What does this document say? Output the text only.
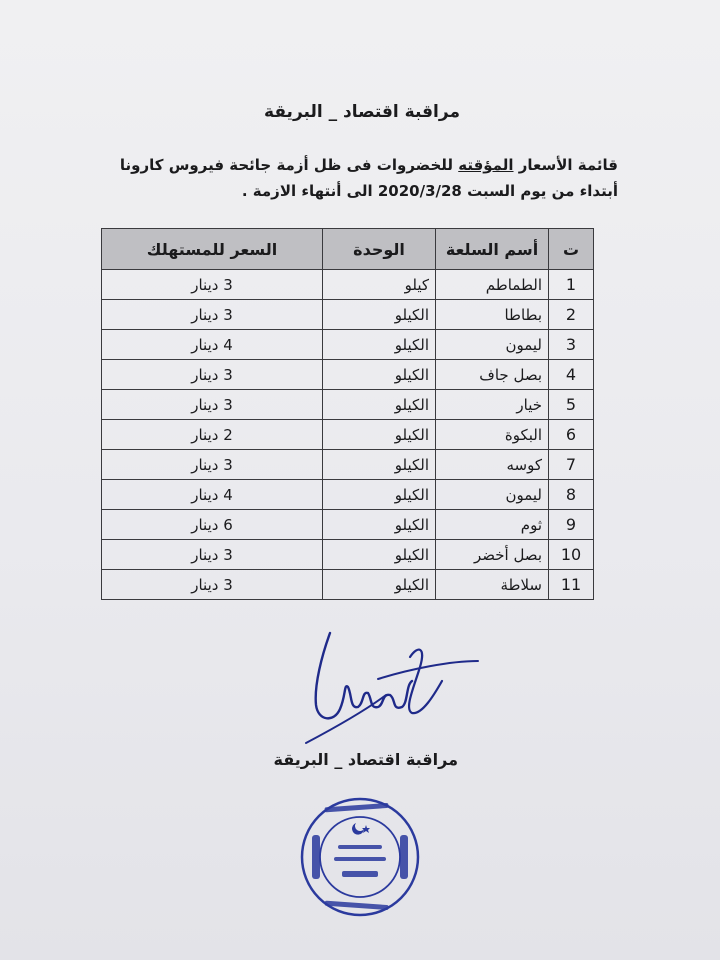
مراقبة اقتصاد _ البريقة
قائمة الأسعار المؤقته للخضروات فى ظل أزمة جائحة فيروس كارونا أبتداء من يوم السبت 2020/3/28 الى أنتهاء الازمة .
ت	أسم السلعة	الوحدة	السعر للمستهلك
1	الطماطم	كيلو	3 دينار
2	بطاطا	الكيلو	3 دينار
3	ليمون	الكيلو	4 دينار
4	بصل جاف	الكيلو	3 دينار
5	خيار	الكيلو	3 دينار
6	البكوة	الكيلو	2 دينار
7	كوسه	الكيلو	3 دينار
8	ليمون	الكيلو	4 دينار
9	ثوم	الكيلو	6 دينار
10	بصل أخضر	الكيلو	3 دينار
11	سلاطة	الكيلو	3 دينار
مراقبة اقتصاد _ البريقة
